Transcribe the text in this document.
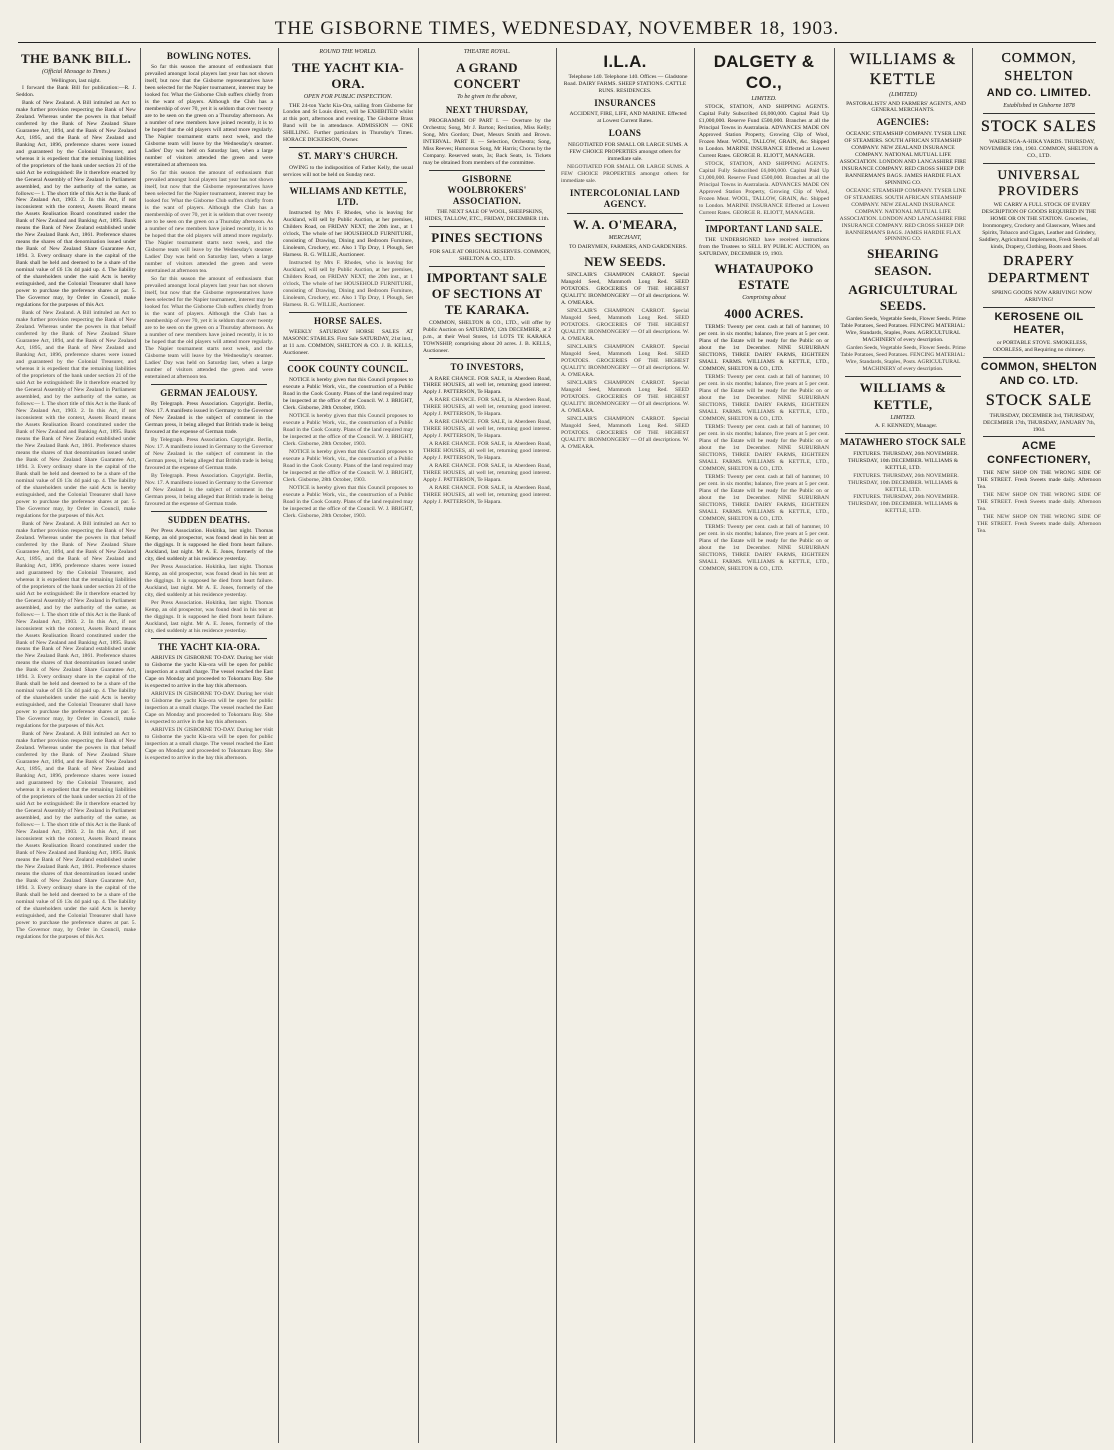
THE GISBORNE TIMES, WEDNESDAY, NOVEMBER 18, 1903.
THE BANK BILL.
(Official Message to Times.)
Wellington, last night.
I forward the Bank Bill for publication:—R. J. Seddon.
Bank of New Zealand. A Bill intituled an Act to make further provision respecting the Bank of New Zealand. Whereas under the powers in that behalf conferred by the Bank of New Zealand Share Guarantee Act, 1894, and the Bank of New Zealand Act, 1895, and the Bank of New Zealand and Banking Act, 1896, preference shares were issued and guaranteed by the Colonial Treasurer, and whereas it is expedient that the remaining liabilities of the proprietors of the bank under section 21 of the said Act be extinguished: Be it therefore enacted by the General Assembly of New Zealand in Parliament assembled, and by the authority of the same, as follows:— 1. The short title of this Act is the Bank of New Zealand Act, 1903. 2. In this Act, if not inconsistent with the context, Assets Board means the Assets Realisation Board constituted under the Bank of New Zealand and Banking Act, 1895. Bank means the Bank of New Zealand established under the New Zealand Bank Act, 1861. Preference shares means the shares of that denomination issued under the Bank of New Zealand Share Guarantee Act, 1894. 3. Every ordinary share in the capital of the Bank shall be held and deemed to be a share of the nominal value of £6 13s 4d paid up. 4. The liability of the shareholders under the said Acts is hereby extinguished, and the Colonial Treasurer shall have power to purchase the preference shares at par. 5. The Governor may, by Order in Council, make regulations for the purposes of this Act.
Bank of New Zealand. A Bill intituled an Act to make further provision respecting the Bank of New Zealand. Whereas under the powers in that behalf conferred by the Bank of New Zealand Share Guarantee Act, 1894, and the Bank of New Zealand Act, 1895, and the Bank of New Zealand and Banking Act, 1896, preference shares were issued and guaranteed by the Colonial Treasurer, and whereas it is expedient that the remaining liabilities of the proprietors of the bank under section 21 of the said Act be extinguished: Be it therefore enacted by the General Assembly of New Zealand in Parliament assembled, and by the authority of the same, as follows:— 1. The short title of this Act is the Bank of New Zealand Act, 1903. 2. In this Act, if not inconsistent with the context, Assets Board means the Assets Realisation Board constituted under the Bank of New Zealand and Banking Act, 1895. Bank means the Bank of New Zealand established under the New Zealand Bank Act, 1861. Preference shares means the shares of that denomination issued under the Bank of New Zealand Share Guarantee Act, 1894. 3. Every ordinary share in the capital of the Bank shall be held and deemed to be a share of the nominal value of £6 13s 4d paid up. 4. The liability of the shareholders under the said Acts is hereby extinguished, and the Colonial Treasurer shall have power to purchase the preference shares at par. 5. The Governor may, by Order in Council, make regulations for the purposes of this Act.
Bank of New Zealand. A Bill intituled an Act to make further provision respecting the Bank of New Zealand. Whereas under the powers in that behalf conferred by the Bank of New Zealand Share Guarantee Act, 1894, and the Bank of New Zealand Act, 1895, and the Bank of New Zealand and Banking Act, 1896, preference shares were issued and guaranteed by the Colonial Treasurer, and whereas it is expedient that the remaining liabilities of the proprietors of the bank under section 21 of the said Act be extinguished: Be it therefore enacted by the General Assembly of New Zealand in Parliament assembled, and by the authority of the same, as follows:— 1. The short title of this Act is the Bank of New Zealand Act, 1903. 2. In this Act, if not inconsistent with the context, Assets Board means the Assets Realisation Board constituted under the Bank of New Zealand and Banking Act, 1895. Bank means the Bank of New Zealand established under the New Zealand Bank Act, 1861. Preference shares means the shares of that denomination issued under the Bank of New Zealand Share Guarantee Act, 1894. 3. Every ordinary share in the capital of the Bank shall be held and deemed to be a share of the nominal value of £6 13s 4d paid up. 4. The liability of the shareholders under the said Acts is hereby extinguished, and the Colonial Treasurer shall have power to purchase the preference shares at par. 5. The Governor may, by Order in Council, make regulations for the purposes of this Act.
Bank of New Zealand. A Bill intituled an Act to make further provision respecting the Bank of New Zealand. Whereas under the powers in that behalf conferred by the Bank of New Zealand Share Guarantee Act, 1894, and the Bank of New Zealand Act, 1895, and the Bank of New Zealand and Banking Act, 1896, preference shares were issued and guaranteed by the Colonial Treasurer, and whereas it is expedient that the remaining liabilities of the proprietors of the bank under section 21 of the said Act be extinguished: Be it therefore enacted by the General Assembly of New Zealand in Parliament assembled, and by the authority of the same, as follows:— 1. The short title of this Act is the Bank of New Zealand Act, 1903. 2. In this Act, if not inconsistent with the context, Assets Board means the Assets Realisation Board constituted under the Bank of New Zealand and Banking Act, 1895. Bank means the Bank of New Zealand established under the New Zealand Bank Act, 1861. Preference shares means the shares of that denomination issued under the Bank of New Zealand Share Guarantee Act, 1894. 3. Every ordinary share in the capital of the Bank shall be held and deemed to be a share of the nominal value of £6 13s 4d paid up. 4. The liability of the shareholders under the said Acts is hereby extinguished, and the Colonial Treasurer shall have power to purchase the preference shares at par. 5. The Governor may, by Order in Council, make regulations for the purposes of this Act.
BOWLING NOTES.
So far this season the amount of enthusiasm that prevailed amongst local players last year has not shown itself, but now that the Gisborne representatives have been selected for the Napier tournament, interest may be looked for. What the Gisborne Club suffers chiefly from is the want of players. Although the Club has a membership of over 70, yet it is seldom that over twenty are to be seen on the green on a Thursday afternoon. As a number of new members have joined recently, it is to be hoped that the old players will attend more regularly. The Napier tournament starts next week, and the Gisborne team will leave by the Wednesday's steamer. Ladies' Day was held on Saturday last, when a large number of visitors attended the green and were entertained at afternoon tea.
So far this season the amount of enthusiasm that prevailed amongst local players last year has not shown itself, but now that the Gisborne representatives have been selected for the Napier tournament, interest may be looked for. What the Gisborne Club suffers chiefly from is the want of players. Although the Club has a membership of over 70, yet it is seldom that over twenty are to be seen on the green on a Thursday afternoon. As a number of new members have joined recently, it is to be hoped that the old players will attend more regularly. The Napier tournament starts next week, and the Gisborne team will leave by the Wednesday's steamer. Ladies' Day was held on Saturday last, when a large number of visitors attended the green and were entertained at afternoon tea.
So far this season the amount of enthusiasm that prevailed amongst local players last year has not shown itself, but now that the Gisborne representatives have been selected for the Napier tournament, interest may be looked for. What the Gisborne Club suffers chiefly from is the want of players. Although the Club has a membership of over 70, yet it is seldom that over twenty are to be seen on the green on a Thursday afternoon. As a number of new members have joined recently, it is to be hoped that the old players will attend more regularly. The Napier tournament starts next week, and the Gisborne team will leave by the Wednesday's steamer. Ladies' Day was held on Saturday last, when a large number of visitors attended the green and were entertained at afternoon tea.
GERMAN JEALOUSY.
By Telegraph. Press Association. Copyright. Berlin, Nov. 17. A manifesto issued in Germany to the Governor of New Zealand is the subject of comment in the German press, it being alleged that British trade is being favoured at the expense of German trade.
By Telegraph. Press Association. Copyright. Berlin, Nov. 17. A manifesto issued in Germany to the Governor of New Zealand is the subject of comment in the German press, it being alleged that British trade is being favoured at the expense of German trade.
By Telegraph. Press Association. Copyright. Berlin, Nov. 17. A manifesto issued in Germany to the Governor of New Zealand is the subject of comment in the German press, it being alleged that British trade is being favoured at the expense of German trade.
SUDDEN DEATHS.
Per Press Association. Hokitika, last night. Thomas Kemp, an old prospector, was found dead in his tent at the diggings. It is supposed he died from heart failure. Auckland, last night. Mr A. E. Jones, formerly of the city, died suddenly at his residence yesterday.
Per Press Association. Hokitika, last night. Thomas Kemp, an old prospector, was found dead in his tent at the diggings. It is supposed he died from heart failure. Auckland, last night. Mr A. E. Jones, formerly of the city, died suddenly at his residence yesterday.
Per Press Association. Hokitika, last night. Thomas Kemp, an old prospector, was found dead in his tent at the diggings. It is supposed he died from heart failure. Auckland, last night. Mr A. E. Jones, formerly of the city, died suddenly at his residence yesterday.
THE YACHT KIA-ORA.
ARRIVES IN GISBORNE TO-DAY. During her visit to Gisborne the yacht Kia-ora will be open for public inspection at a small charge. The vessel reached the East Cape on Monday and proceeded to Tokomaru Bay. She is expected to arrive in the bay this afternoon.
ARRIVES IN GISBORNE TO-DAY. During her visit to Gisborne the yacht Kia-ora will be open for public inspection at a small charge. The vessel reached the East Cape on Monday and proceeded to Tokomaru Bay. She is expected to arrive in the bay this afternoon.
ARRIVES IN GISBORNE TO-DAY. During her visit to Gisborne the yacht Kia-ora will be open for public inspection at a small charge. The vessel reached the East Cape on Monday and proceeded to Tokomaru Bay. She is expected to arrive in the bay this afternoon.
ROUND THE WORLD.
THE YACHT KIA-ORA.
OPEN FOR PUBLIC INSPECTION.
THE 24-ton Yacht Kia-Ora, sailing from Gisborne for London and St Louis direct, will be EXHIBITED whilst at this port, afternoon and evening. The Gisborne Brass Band will be in attendance. ADMISSION — ONE SHILLING. Further particulars in Thursday's Times. HORACE DICKERSON, Owner.
ST. MARY'S CHURCH.
OWING to the indisposition of Father Kelly, the usual services will not be held on Sunday next.
WILLIAMS AND KETTLE, LTD.
Instructed by Mrs F. Rhodes, who is leaving for Auckland, will sell by Public Auction, at her premises, Childers Road, on FRIDAY NEXT, the 20th inst., at 1 o'clock, The whole of her HOUSEHOLD FURNITURE, consisting of Drawing, Dining and Bedroom Furniture, Linoleum, Crockery, etc. Also 1 Tip Dray, 1 Plough, Set Harness. R. G. WILLIE, Auctioneer.
Instructed by Mrs F. Rhodes, who is leaving for Auckland, will sell by Public Auction, at her premises, Childers Road, on FRIDAY NEXT, the 20th inst., at 1 o'clock, The whole of her HOUSEHOLD FURNITURE, consisting of Drawing, Dining and Bedroom Furniture, Linoleum, Crockery, etc. Also 1 Tip Dray, 1 Plough, Set Harness. R. G. WILLIE, Auctioneer.
HORSE SALES.
WEEKLY SATURDAY HORSE SALES AT MASONIC STABLES. First Sale SATURDAY, 21st inst., at 11 a.m. COMMON, SHELTON & CO. J. B. KELLS, Auctioneer.
COOK COUNTY COUNCIL.
NOTICE is hereby given that this Council proposes to execute a Public Work, viz., the construction of a Public Road in the Cook County. Plans of the land required may be inspected at the office of the Council. W. J. BRIGHT, Clerk. Gisborne, 28th October, 1903.
NOTICE is hereby given that this Council proposes to execute a Public Work, viz., the construction of a Public Road in the Cook County. Plans of the land required may be inspected at the office of the Council. W. J. BRIGHT, Clerk. Gisborne, 28th October, 1903.
NOTICE is hereby given that this Council proposes to execute a Public Work, viz., the construction of a Public Road in the Cook County. Plans of the land required may be inspected at the office of the Council. W. J. BRIGHT, Clerk. Gisborne, 28th October, 1903.
NOTICE is hereby given that this Council proposes to execute a Public Work, viz., the construction of a Public Road in the Cook County. Plans of the land required may be inspected at the office of the Council. W. J. BRIGHT, Clerk. Gisborne, 28th October, 1903.
THEATRE ROYAL.
A GRAND CONCERT
To be given in the above,
NEXT THURSDAY,
PROGRAMME OF PART I. — Overture by the Orchestra; Song, Mr J. Barton; Recitation, Miss Kelly; Song, Mrs Gordon; Duet, Messrs Smith and Brown. INTERVAL. PART II. — Selection, Orchestra; Song, Miss Reeves; Humorous Song, Mr Harris; Chorus by the Company. Reserved seats, 3s; Back Seats, 1s. Tickets may be obtained from members of the committee.
GISBORNE WOOLBROKERS' ASSOCIATION.
THE NEXT SALE OF WOOL, SHEEPSKINS, HIDES, TALLOW, ETC., FRIDAY, DECEMBER 11th.
PINES SECTIONS
FOR SALE AT ORIGINAL RESERVES. COMMON, SHELTON & CO., LTD.
IMPORTANT SALE OF SECTIONS AT TE KARAKA.
COMMON, SHELTON & CO., LTD., will offer by Public Auction on SATURDAY, 12th DECEMBER, at 2 p.m., at their Wool Stores, 14 LOTS TE KARAKA TOWNSHIP, comprising about 20 acres. J. B. KELLS, Auctioneer.
TO INVESTORS,
A RARE CHANCE. FOR SALE, in Aberdeen Road, THREE HOUSES, all well let, returning good interest. Apply J. PATTERSON, Te Hapara.
A RARE CHANCE. FOR SALE, in Aberdeen Road, THREE HOUSES, all well let, returning good interest. Apply J. PATTERSON, Te Hapara.
A RARE CHANCE. FOR SALE, in Aberdeen Road, THREE HOUSES, all well let, returning good interest. Apply J. PATTERSON, Te Hapara.
A RARE CHANCE. FOR SALE, in Aberdeen Road, THREE HOUSES, all well let, returning good interest. Apply J. PATTERSON, Te Hapara.
A RARE CHANCE. FOR SALE, in Aberdeen Road, THREE HOUSES, all well let, returning good interest. Apply J. PATTERSON, Te Hapara.
A RARE CHANCE. FOR SALE, in Aberdeen Road, THREE HOUSES, all well let, returning good interest. Apply J. PATTERSON, Te Hapara.
I.L.A.
Telephone 140. Telephone 140. Offices — Gladstone Road. DAIRY FARMS. SHEEP STATIONS. CATTLE RUNS. RESIDENCES.
INSURANCES
ACCIDENT, FIRE, LIFE, AND MARINE. Effected at Lowest Current Rates.
LOANS
NEGOTIATED FOR SMALL OR LARGE SUMS. A FEW CHOICE PROPERTIES amongst others for immediate sale.
NEGOTIATED FOR SMALL OR LARGE SUMS. A FEW CHOICE PROPERTIES amongst others for immediate sale.
INTERCOLONIAL LAND AGENCY.
W. A. O'MEARA,
MERCHANT,
TO DAIRYMEN, FARMERS, AND GARDENERS.
NEW SEEDS.
SINCLAIR'S CHAMPION CARROT. Special Mangold Seed, Mammoth Long Red. SEED POTATOES. GROCERIES OF THE HIGHEST QUALITY. IRONMONGERY — Of all descriptions. W. A. O'MEARA.
SINCLAIR'S CHAMPION CARROT. Special Mangold Seed, Mammoth Long Red. SEED POTATOES. GROCERIES OF THE HIGHEST QUALITY. IRONMONGERY — Of all descriptions. W. A. O'MEARA.
SINCLAIR'S CHAMPION CARROT. Special Mangold Seed, Mammoth Long Red. SEED POTATOES. GROCERIES OF THE HIGHEST QUALITY. IRONMONGERY — Of all descriptions. W. A. O'MEARA.
SINCLAIR'S CHAMPION CARROT. Special Mangold Seed, Mammoth Long Red. SEED POTATOES. GROCERIES OF THE HIGHEST QUALITY. IRONMONGERY — Of all descriptions. W. A. O'MEARA.
SINCLAIR'S CHAMPION CARROT. Special Mangold Seed, Mammoth Long Red. SEED POTATOES. GROCERIES OF THE HIGHEST QUALITY. IRONMONGERY — Of all descriptions. W. A. O'MEARA.
DALGETY & CO.,
LIMITED.
STOCK, STATION, AND SHIPPING AGENTS. Capital Fully Subscribed £6,000,000. Capital Paid Up £1,000,000. Reserve Fund £500,000. Branches at all the Principal Towns in Australasia. ADVANCES MADE ON Approved Station Property, Growing Clip of Wool, Frozen Meat. WOOL, TALLOW, GRAIN, &c. Shipped to London. MARINE INSURANCE Effected at Lowest Current Rates. GEORGE R. ELIOTT, MANAGER.
STOCK, STATION, AND SHIPPING AGENTS. Capital Fully Subscribed £6,000,000. Capital Paid Up £1,000,000. Reserve Fund £500,000. Branches at all the Principal Towns in Australasia. ADVANCES MADE ON Approved Station Property, Growing Clip of Wool, Frozen Meat. WOOL, TALLOW, GRAIN, &c. Shipped to London. MARINE INSURANCE Effected at Lowest Current Rates. GEORGE R. ELIOTT, MANAGER.
IMPORTANT LAND SALE.
THE UNDERSIGNED have received instructions from the Trustees to SELL BY PUBLIC AUCTION, on SATURDAY, DECEMBER 19, 1903.
WHATAUPOKO ESTATE
Comprising about
4000 ACRES.
TERMS: Twenty per cent. cash at fall of hammer, 10 per cent. in six months; balance, five years at 5 per cent. Plans of the Estate will be ready for the Public on or about the 1st December. NINE SUBURBAN SECTIONS, THREE DAIRY FARMS, EIGHTEEN SMALL FARMS. WILLIAMS & KETTLE, LTD., COMMON, SHELTON & CO., LTD.
TERMS: Twenty per cent. cash at fall of hammer, 10 per cent. in six months; balance, five years at 5 per cent. Plans of the Estate will be ready for the Public on or about the 1st December. NINE SUBURBAN SECTIONS, THREE DAIRY FARMS, EIGHTEEN SMALL FARMS. WILLIAMS & KETTLE, LTD., COMMON, SHELTON & CO., LTD.
TERMS: Twenty per cent. cash at fall of hammer, 10 per cent. in six months; balance, five years at 5 per cent. Plans of the Estate will be ready for the Public on or about the 1st December. NINE SUBURBAN SECTIONS, THREE DAIRY FARMS, EIGHTEEN SMALL FARMS. WILLIAMS & KETTLE, LTD., COMMON, SHELTON & CO., LTD.
TERMS: Twenty per cent. cash at fall of hammer, 10 per cent. in six months; balance, five years at 5 per cent. Plans of the Estate will be ready for the Public on or about the 1st December. NINE SUBURBAN SECTIONS, THREE DAIRY FARMS, EIGHTEEN SMALL FARMS. WILLIAMS & KETTLE, LTD., COMMON, SHELTON & CO., LTD.
TERMS: Twenty per cent. cash at fall of hammer, 10 per cent. in six months; balance, five years at 5 per cent. Plans of the Estate will be ready for the Public on or about the 1st December. NINE SUBURBAN SECTIONS, THREE DAIRY FARMS, EIGHTEEN SMALL FARMS. WILLIAMS & KETTLE, LTD., COMMON, SHELTON & CO., LTD.
WILLIAMS & KETTLE
(LIMITED)
PASTORALISTS' AND FARMERS' AGENTS, AND GENERAL MERCHANTS.
AGENCIES:
OCEANIC STEAMSHIP COMPANY. TYSER LINE OF STEAMERS. SOUTH AFRICAN STEAMSHIP COMPANY. NEW ZEALAND INSURANCE COMPANY. NATIONAL MUTUAL LIFE ASSOCIATION. LONDON AND LANCASHIRE FIRE INSURANCE COMPANY. RED CROSS SHEEP DIP. BANNERMAN'S BAGS. JAMES HARDIE FLAX SPINNING CO.
OCEANIC STEAMSHIP COMPANY. TYSER LINE OF STEAMERS. SOUTH AFRICAN STEAMSHIP COMPANY. NEW ZEALAND INSURANCE COMPANY. NATIONAL MUTUAL LIFE ASSOCIATION. LONDON AND LANCASHIRE FIRE INSURANCE COMPANY. RED CROSS SHEEP DIP. BANNERMAN'S BAGS. JAMES HARDIE FLAX SPINNING CO.
SHEARING SEASON.
AGRICULTURAL SEEDS.
Garden Seeds, Vegetable Seeds, Flower Seeds. Prime Table Potatoes, Seed Potatoes. FENCING MATERIAL: Wire, Standards, Staples, Posts. AGRICULTURAL MACHINERY of every description.
Garden Seeds, Vegetable Seeds, Flower Seeds. Prime Table Potatoes, Seed Potatoes. FENCING MATERIAL: Wire, Standards, Staples, Posts. AGRICULTURAL MACHINERY of every description.
WILLIAMS & KETTLE,
LIMITED.
A. F. KENNEDY, Manager.
MATAWHERO STOCK SALE
FIXTURES. THURSDAY, 26th NOVEMBER. THURSDAY, 10th DECEMBER. WILLIAMS & KETTLE, LTD.
FIXTURES. THURSDAY, 26th NOVEMBER. THURSDAY, 10th DECEMBER. WILLIAMS & KETTLE, LTD.
FIXTURES. THURSDAY, 26th NOVEMBER. THURSDAY, 10th DECEMBER. WILLIAMS & KETTLE, LTD.
COMMON, SHELTON
AND CO. LIMITED.
Established in Gisborne 1878
STOCK SALES
WAERENGA-A-HIKA YARDS. THURSDAY, NOVEMBER 19th, 1903. COMMON, SHELTON & CO., LTD.
UNIVERSAL PROVIDERS
WE CARRY A FULL STOCK OF EVERY DESCRIPTION OF GOODS REQUIRED IN THE HOME OR ON THE STATION. Groceries, Ironmongery, Crockery and Glassware, Wines and Spirits, Tobacco and Cigars, Leather and Grindery, Saddlery, Agricultural Implements, Fresh Seeds of all kinds, Drapery, Clothing, Boots and Shoes.
DRAPERY DEPARTMENT
SPRING GOODS NOW ARRIVING! NOW ARRIVING!
KEROSENE OIL HEATER,
or PORTABLE STOVE. SMOKELESS, ODORLESS, and Requiring no chimney.
COMMON, SHELTON AND CO. LTD.
STOCK SALE
THURSDAY, DECEMBER 3rd, THURSDAY, DECEMBER 17th, THURSDAY, JANUARY 7th, 1904.
ACME CONFECTIONERY,
THE NEW SHOP ON THE WRONG SIDE OF THE STREET. Fresh Sweets made daily. Afternoon Tea.
THE NEW SHOP ON THE WRONG SIDE OF THE STREET. Fresh Sweets made daily. Afternoon Tea.
THE NEW SHOP ON THE WRONG SIDE OF THE STREET. Fresh Sweets made daily. Afternoon Tea.
